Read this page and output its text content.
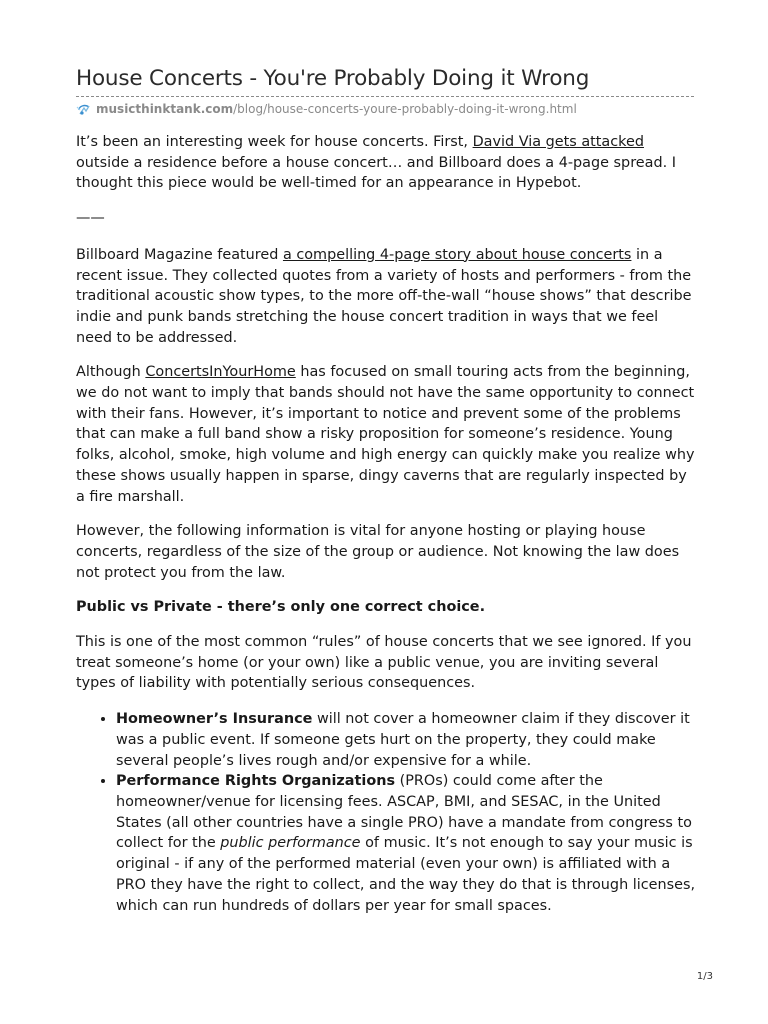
House Concerts - You're Probably Doing it Wrong
musicthinktank.com /blog/house-concerts-youre-probably-doing-it-wrong.html

It’s been an interesting week for house concerts. First, David Via gets attacked outside a residence before a house concert… and Billboard does a 4-page spread. I thought this piece would be well-timed for an appearance in Hypebot.

——

Billboard Magazine featured a compelling 4-page story about house concerts in a recent issue. They collected quotes from a variety of hosts and performers - from the traditional acoustic show types, to the more off-the-wall “house shows” that describe indie and punk bands stretching the house concert tradition in ways that we feel need to be addressed.

Although ConcertsInYourHome has focused on small touring acts from the beginning, we do not want to imply that bands should not have the same opportunity to connect with their fans. However, it’s important to notice and prevent some of the problems that can make a full band show a risky proposition for someone’s residence. Young folks, alcohol, smoke, high volume and high energy can quickly make you realize why these shows usually happen in sparse, dingy caverns that are regularly inspected by a fire marshall.

However, the following information is vital for anyone hosting or playing house concerts, regardless of the size of the group or audience. Not knowing the law does not protect you from the law.

Public vs Private - there’s only one correct choice.

This is one of the most common “rules” of house concerts that we see ignored. If you treat someone’s home (or your own) like a public venue, you are inviting several types of liability with potentially serious consequences.

• Homeowner’s Insurance will not cover a homeowner claim if they discover it was a public event. If someone gets hurt on the property, they could make several people’s lives rough and/or expensive for a while.
• Performance Rights Organizations (PROs) could come after the homeowner/venue for licensing fees. ASCAP, BMI, and SESAC, in the United States (all other countries have a single PRO) have a mandate from congress to collect for the public performance of music. It’s not enough to say your music is original - if any of the performed material (even your own) is affiliated with a PRO they have the right to collect, and the way they do that is through licenses, which can run hundreds of dollars per year for small spaces.
1/3
